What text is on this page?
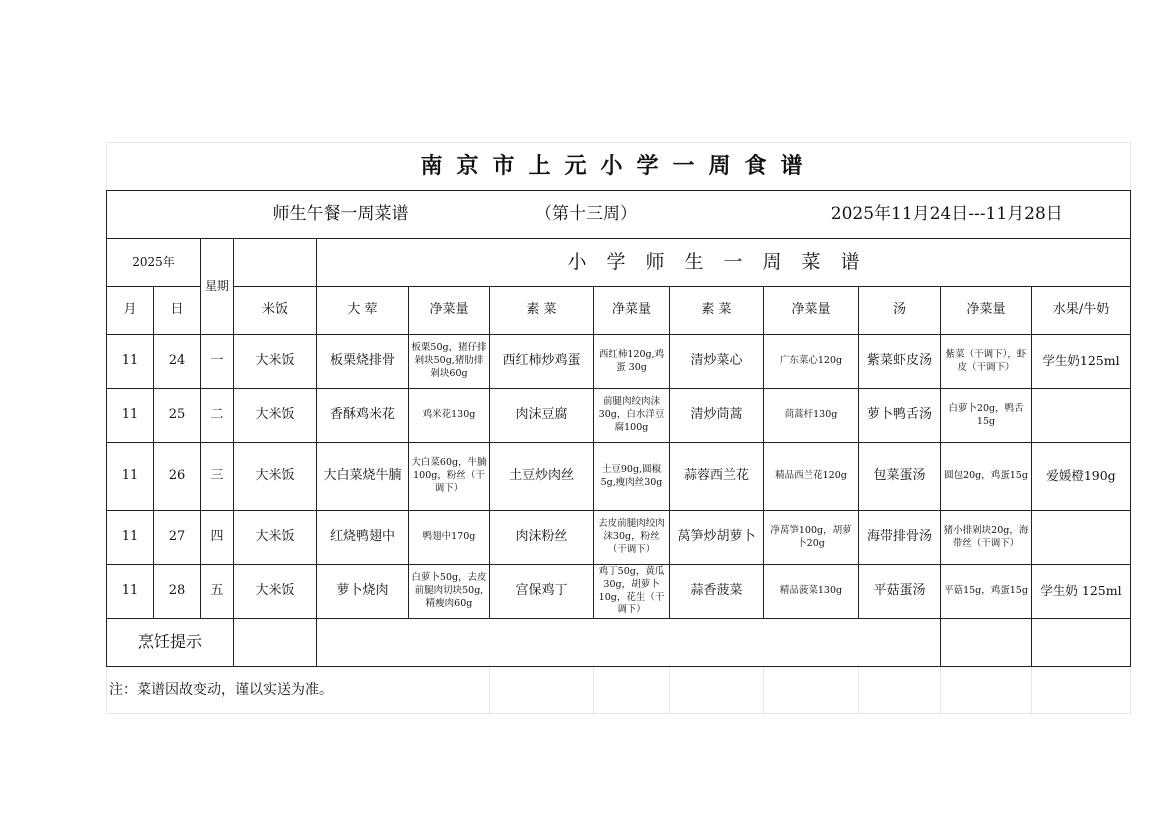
南京市上元小学一周食谱												
师生午餐一周菜谱					（第十三周）				2025年11月24日---11月28日			
2025年		星期		小学师生一周菜谱								
月	日		米饭	大 荤	净菜量	素 菜	净菜量	素 菜	净菜量	汤	净菜量	水果/牛奶
11	24	一	大米饭	板栗烧排骨	板栗50g，猪仔排剁块50g,猪肋排剁块60g	西红柿炒鸡蛋	西红柿120g,鸡蛋 30g	清炒菜心	广东菜心120g	紫菜虾皮汤	紫菜（干调下），虾皮（干调下）	学生奶125ml
11	25	二	大米饭	香酥鸡米花	鸡米花130g	肉沫豆腐	前腿肉绞肉沫30g，白水洋豆腐100g	清炒茼蒿	茼蒿杆130g	萝卜鸭舌汤	白萝卜20g，鸭舌15g	
11	26	三	大米饭	大白菜烧牛腩	大白菜60g，牛腩100g，粉丝（干调下）	土豆炒肉丝	土豆90g,圆椒5g,瘦肉丝30g	蒜蓉西兰花	精品西兰花120g	包菜蛋汤	圆包20g，鸡蛋15g	爱媛橙190g
11	27	四	大米饭	红烧鸭翅中	鸭翅中170g	肉沫粉丝	去皮前腿肉绞肉沫30g，粉丝（干调下）	莴笋炒胡萝卜	净莴笋100g，胡萝卜20g	海带排骨汤	猪小排剁块20g，海带丝（干调下）	
11	28	五	大米饭	萝卜烧肉	白萝卜50g，去皮前腿肉切块50g,精瘦肉60g	宫保鸡丁	鸡丁50g，黄瓜30g，胡萝卜10g，花生（干调下）	蒜香菠菜	精品菠菜130g	平菇蛋汤	平菇15g，鸡蛋15g	学生奶 125ml
烹饪提示												
注：菜谱因故变动，谨以实送为准。												
